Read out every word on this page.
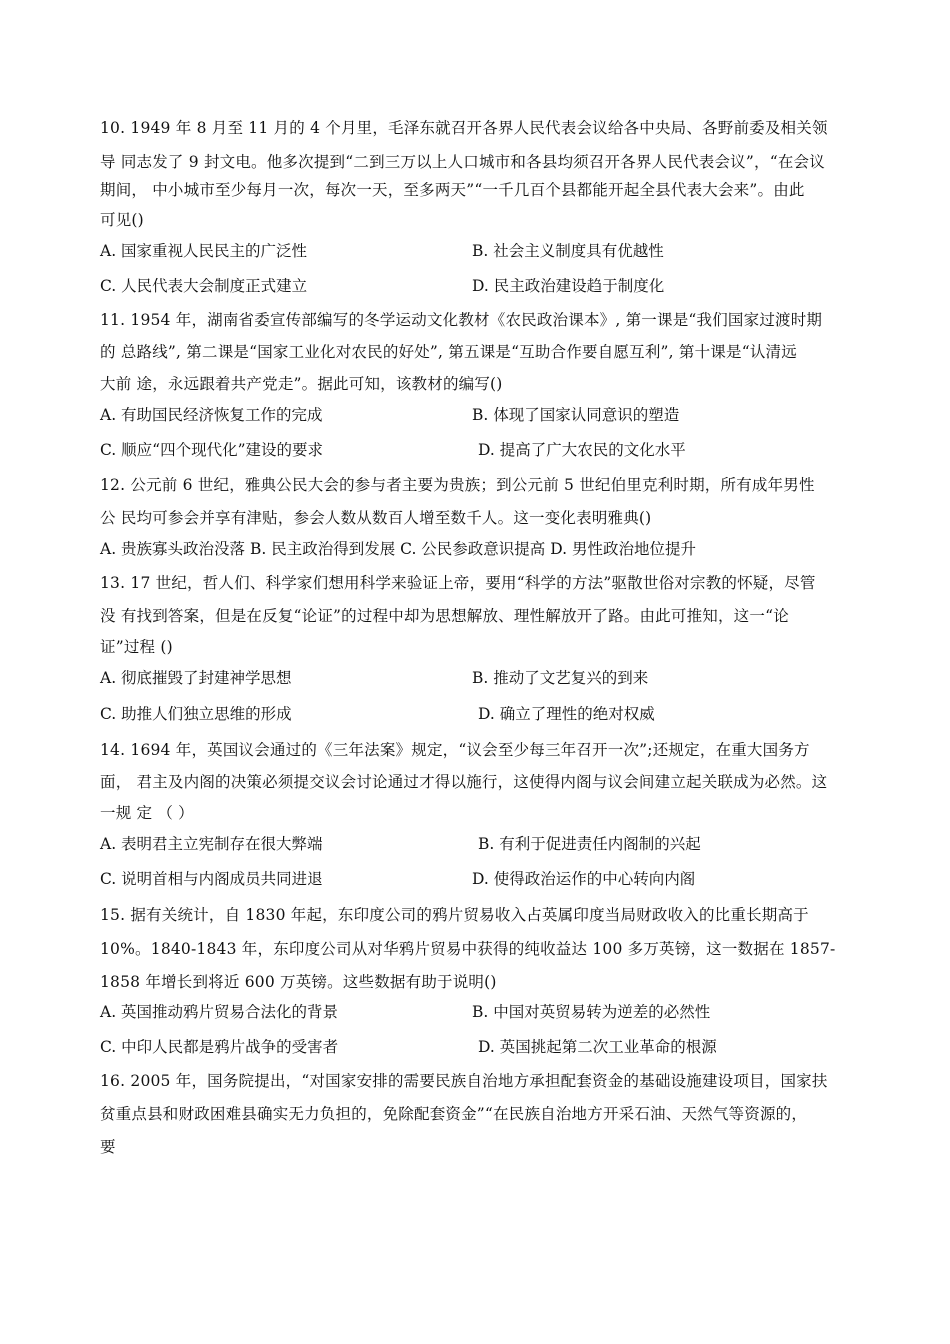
10. 1949 年 8 月至 11 月的 4 个月里，毛泽东就召开各界人民代表会议给各中央局、各野前委及相关领
导 同志发了 9 封文电。他多次提到“二到三万以上人口城市和各县均须召开各界人民代表会议”，“在会议
期间， 中小城市至少每月一次，每次一天，至多两天”“一千几百个县都能开起全县代表大会来”。由此
可见()
A. 国家重视人民民主的广泛性	B. 社会主义制度具有优越性
C. 人民代表大会制度正式建立	D. 民主政治建设趋于制度化
11. 1954 年，湖南省委宣传部编写的冬学运动文化教材《农民政治课本》, 第一课是“我们国家过渡时期
的 总路线”, 第二课是“国家工业化对农民的好处”, 第五课是“互助合作要自愿互利”, 第十课是“认清远
大前 途，永远跟着共产党走”。据此可知，该教材的编写()
A. 有助国民经济恢复工作的完成	B. 体现了国家认同意识的塑造
C. 顺应“四个现代化”建设的要求	D. 提高了广大农民的文化水平
12. 公元前 6 世纪，雅典公民大会的参与者主要为贵族；到公元前 5 世纪伯里克利时期，所有成年男性
公 民均可参会并享有津贴，参会人数从数百人增至数千人。这一变化表明雅典()
A. 贵族寡头政治没落 B. 民主政治得到发展 C. 公民参政意识提高 D. 男性政治地位提升
13. 17 世纪，哲人们、科学家们想用科学来验证上帝，要用“科学的方法”驱散世俗对宗教的怀疑，尽管
没 有找到答案，但是在反复“论证”的过程中却为思想解放、理性解放开了路。由此可推知，这一“论
证”过程 ()
A. 彻底摧毁了封建神学思想	B. 推动了文艺复兴的到来
C. 助推人们独立思维的形成	D. 确立了理性的绝对权威
14. 1694 年，英国议会通过的《三年法案》规定，“议会至少每三年召开一次”;还规定，在重大国务方
面， 君主及内阁的决策必须提交议会讨论通过才得以施行，这使得内阁与议会间建立起关联成为必然。这
一规 定 （ ）
A. 表明君主立宪制存在很大弊端	B. 有利于促进责任内阁制的兴起
C. 说明首相与内阁成员共同进退	D. 使得政治运作的中心转向内阁
15. 据有关统计，自 1830 年起，东印度公司的鸦片贸易收入占英属印度当局财政收入的比重长期高于
10%。1840-1843 年，东印度公司从对华鸦片贸易中获得的纯收益达 100 多万英镑，这一数据在 1857-
1858 年增长到将近 600 万英镑。这些数据有助于说明()
A. 英国推动鸦片贸易合法化的背景	B. 中国对英贸易转为逆差的必然性
C. 中印人民都是鸦片战争的受害者	D. 英国挑起第二次工业革命的根源
16. 2005 年，国务院提出，“对国家安排的需要民族自治地方承担配套资金的基础设施建设项目，国家扶
贫重点县和财政困难县确实无力负担的，免除配套资金”“在民族自治地方开采石油、天然气等资源的，
要
